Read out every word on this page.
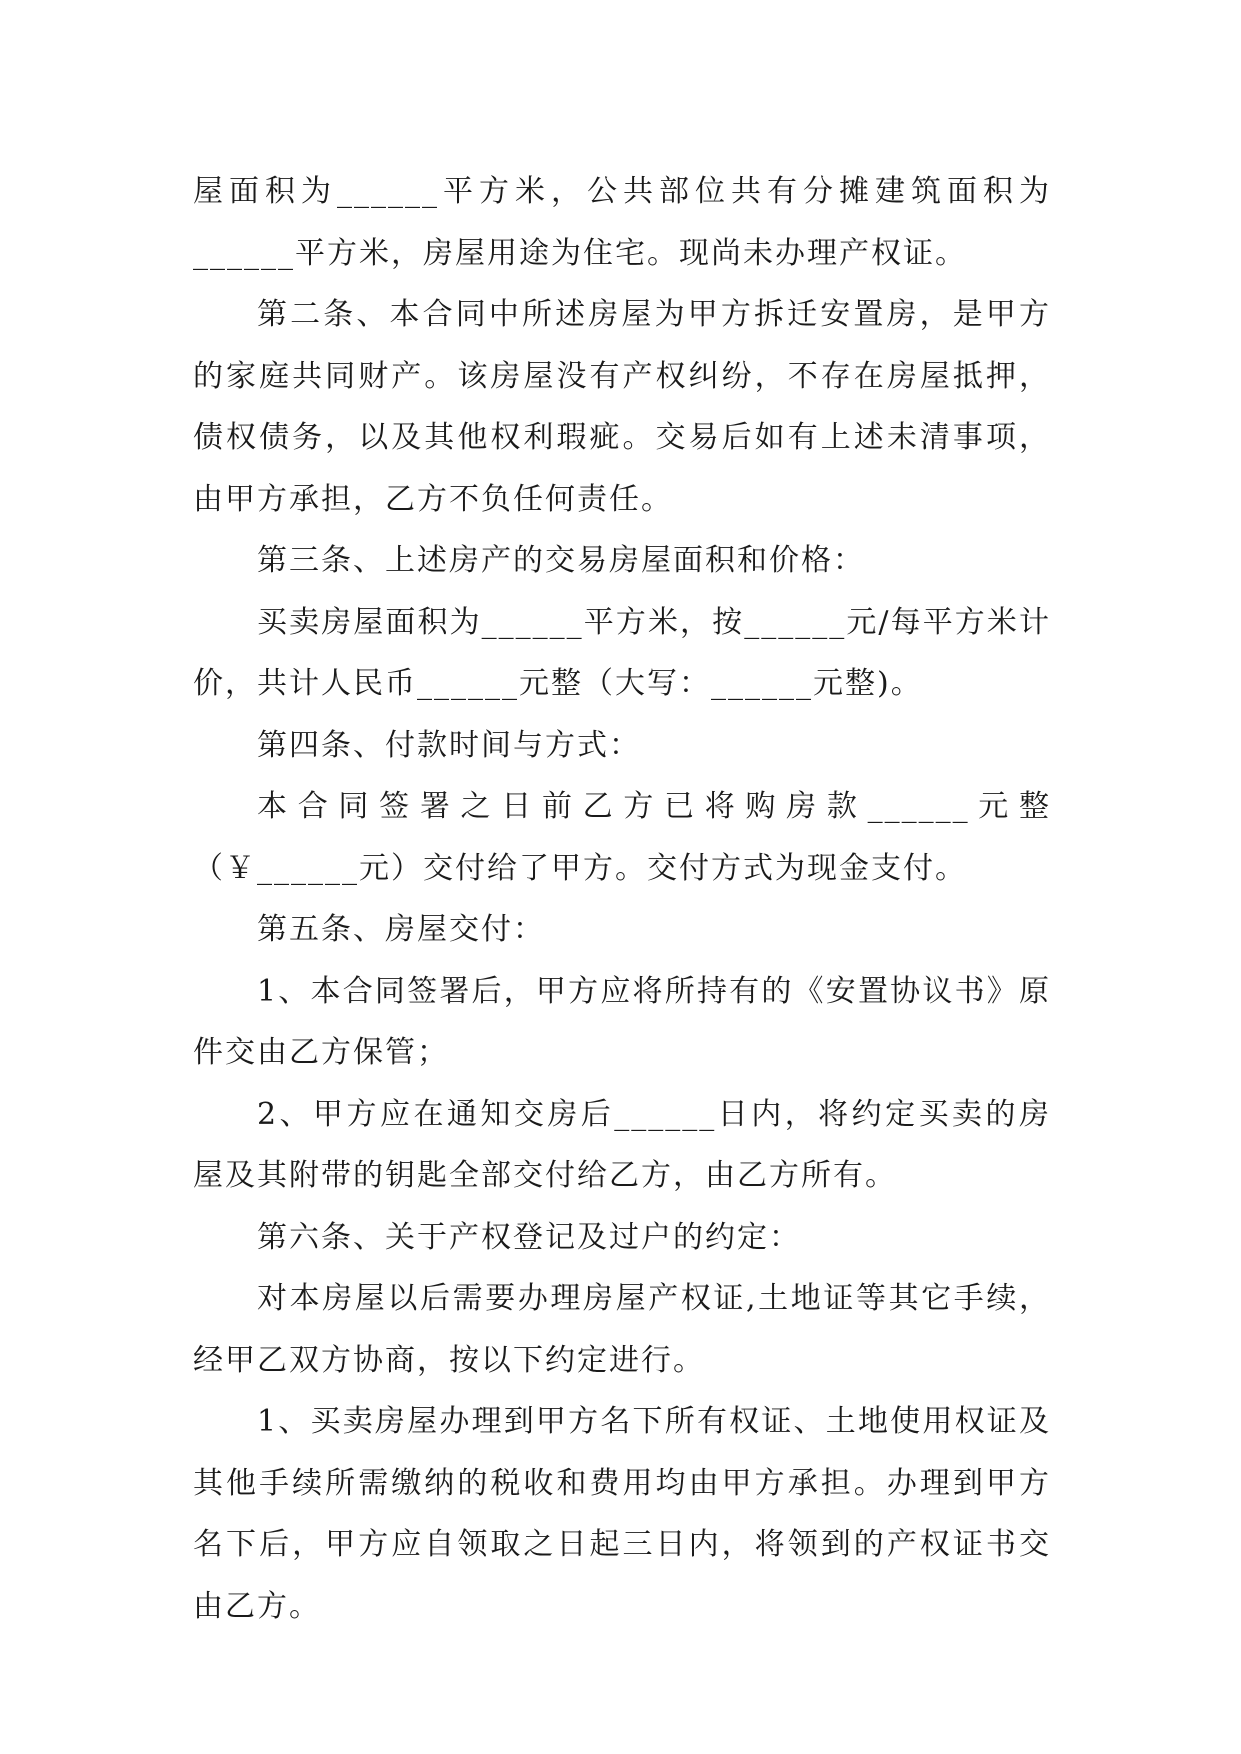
屋面积为______平方米，公共部位共有分摊建筑面积为______平方米，房屋用途为住宅。现尚未办理产权证。

第二条、本合同中所述房屋为甲方拆迁安置房，是甲方的家庭共同财产。该房屋没有产权纠纷，不存在房屋抵押，债权债务，以及其他权利瑕疵。交易后如有上述未清事项，由甲方承担，乙方不负任何责任。

第三条、上述房产的交易房屋面积和价格：

买卖房屋面积为______平方米，按______元/每平方米计价，共计人民币______元整（大写：______元整)。

第四条、付款时间与方式：

本合同签署之日前乙方已将购房款______元整（￥______元）交付给了甲方。交付方式为现金支付。

第五条、房屋交付：

1、本合同签署后，甲方应将所持有的《安置协议书》原件交由乙方保管；

2、甲方应在通知交房后______日内，将约定买卖的房屋及其附带的钥匙全部交付给乙方，由乙方所有。

第六条、关于产权登记及过户的约定：

对本房屋以后需要办理房屋产权证,土地证等其它手续，经甲乙双方协商，按以下约定进行。

1、买卖房屋办理到甲方名下所有权证、土地使用权证及其他手续所需缴纳的税收和费用均由甲方承担。办理到甲方名下后，甲方应自领取之日起三日内，将领到的产权证书交由乙方。
